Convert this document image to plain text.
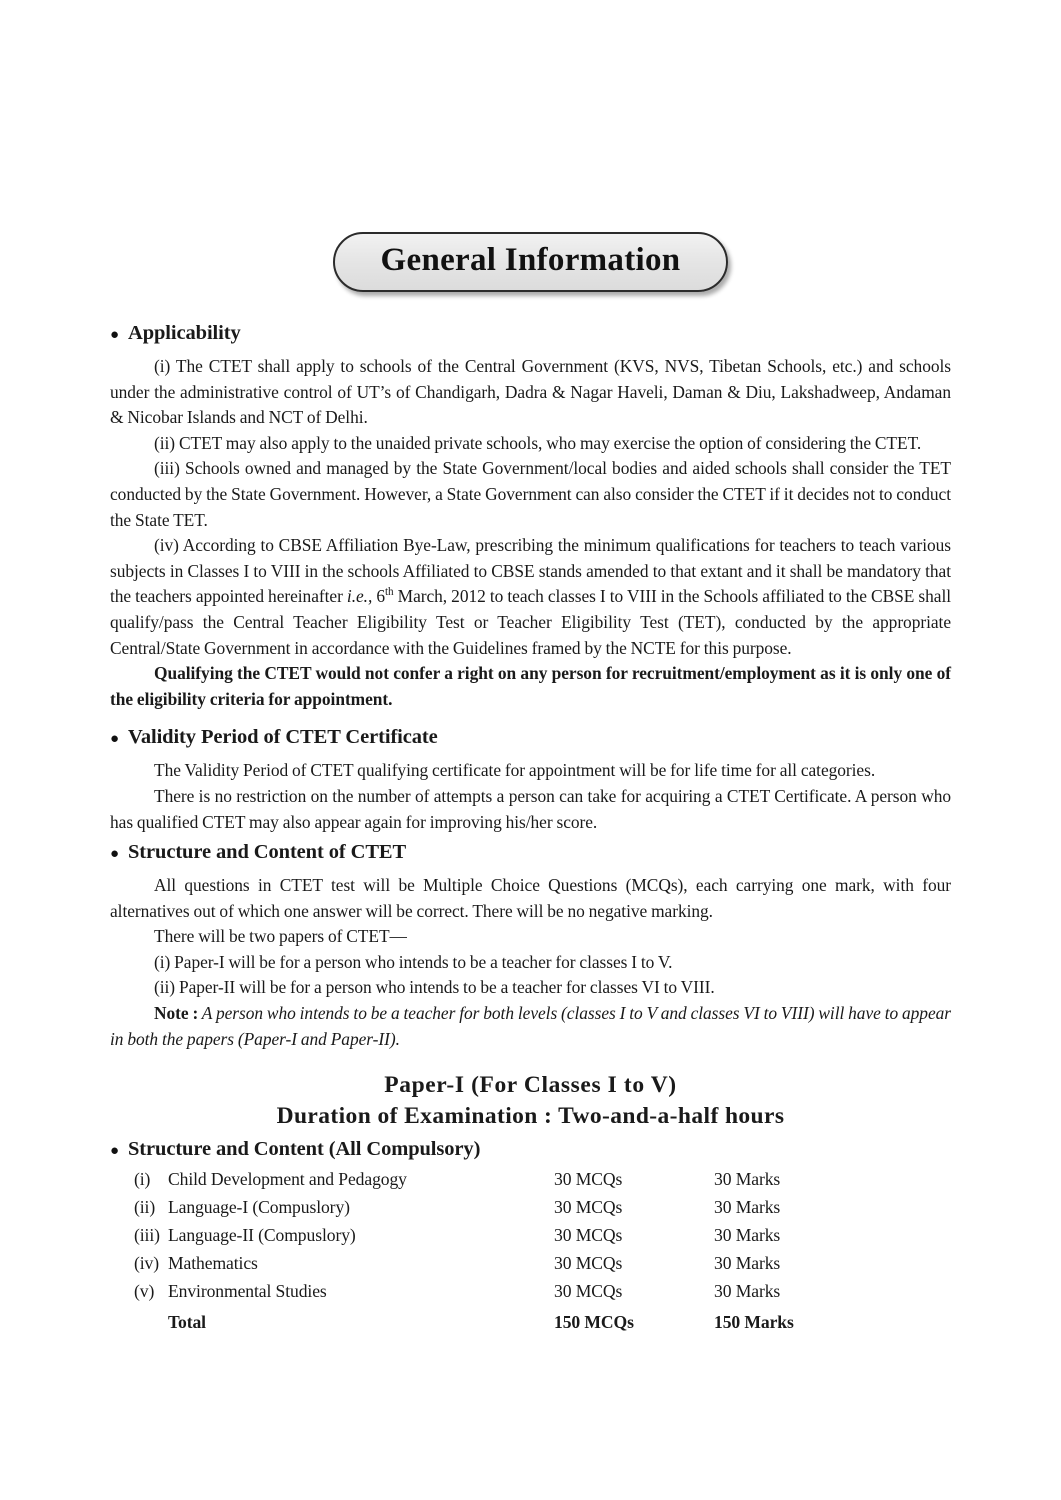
General Information
● Applicability

(i) The CTET shall apply to schools of the Central Government (KVS, NVS, Tibetan Schools, etc.) and schools under the administrative control of UT’s of Chandigarh, Dadra & Nagar Haveli, Daman & Diu, Lakshadweep, Andaman & Nicobar Islands and NCT of Delhi.

(ii) CTET may also apply to the unaided private schools, who may exercise the option of considering the CTET.

(iii) Schools owned and managed by the State Government/local bodies and aided schools shall consider the TET conducted by the State Government. However, a State Government can also consider the CTET if it decides not to conduct the State TET.

(iv) According to CBSE Affiliation Bye-Law, prescribing the minimum qualifications for teachers to teach various subjects in Classes I to VIII in the schools Affiliated to CBSE stands amended to that extant and it shall be mandatory that the teachers appointed hereinafter i.e., 6th March, 2012 to teach classes I to VIII in the Schools affiliated to the CBSE shall qualify/pass the Central Teacher Eligibility Test or Teacher Eligibility Test (TET), conducted by the appropriate Central/State Government in accordance with the Guidelines framed by the NCTE for this purpose.

Qualifying the CTET would not confer a right on any person for recruitment/employment as it is only one of the eligibility criteria for appointment.

● Validity Period of CTET Certificate

The Validity Period of CTET qualifying certificate for appointment will be for life time for all categories.

There is no restriction on the number of attempts a person can take for acquiring a CTET Certificate. A person who has qualified CTET may also appear again for improving his/her score.

● Structure and Content of CTET

All questions in CTET test will be Multiple Choice Questions (MCQs), each carrying one mark, with four alternatives out of which one answer will be correct. There will be no negative marking.

There will be two papers of CTET—

(i) Paper-I will be for a person who intends to be a teacher for classes I to V.

(ii) Paper-II will be for a person who intends to be a teacher for classes VI to VIII.

Note : A person who intends to be a teacher for both levels (classes I to V and classes VI to VIII) will have to appear in both the papers (Paper-I and Paper-II).

Paper-I (For Classes I to V)
Duration of Examination : Two-and-a-half hours
● Structure and Content (All Compulsory)
(i)	Child Development and Pedagogy	30 MCQs	30 Marks
(ii)	Language-I (Compuslory)	30 MCQs	30 Marks
(iii)	Language-II (Compuslory)	30 MCQs	30 Marks
(iv)	Mathematics	30 MCQs	30 Marks
(v)	Environmental Studies	30 MCQs	30 Marks
	Total	150 MCQs	150 Marks
